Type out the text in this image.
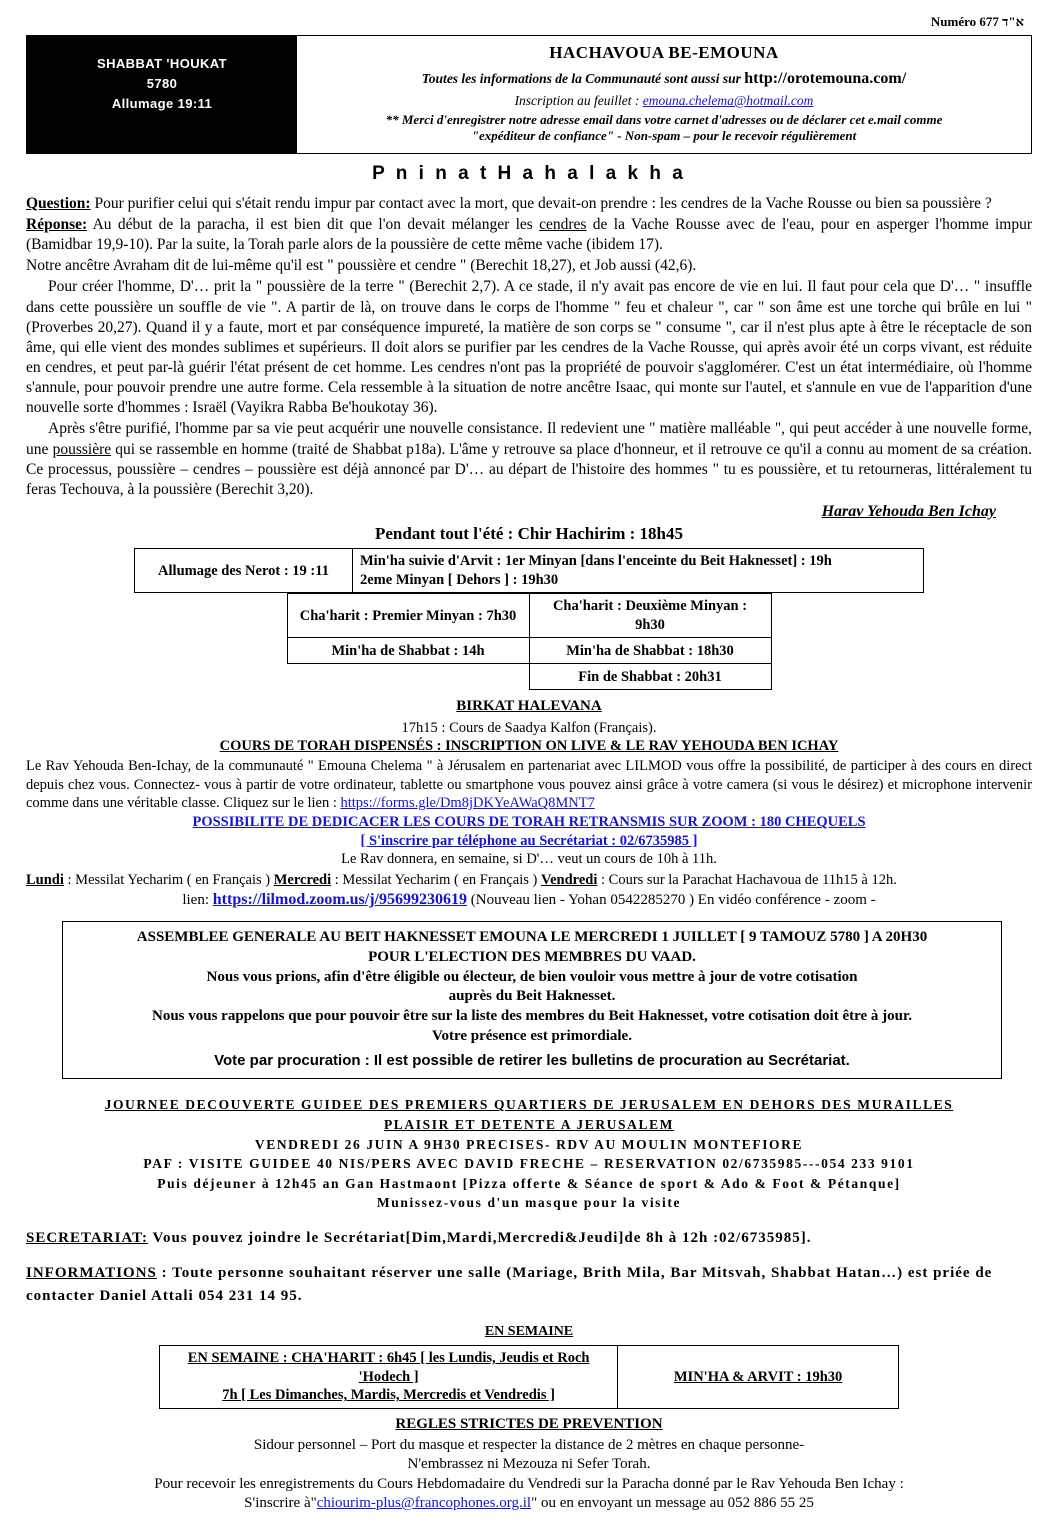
Numéro 677 א"ד
SHABBAT 'HOUKAT
5780
Allumage 19:11
HACHAVOUA BE-EMOUNA
Toutes les informations de la Communauté sont aussi sur http://orotemouna.com/
Inscription au feuillet : emouna.chelema@hotmail.com
** Merci d'enregistrer notre adresse email dans votre carnet d'adresses ou de déclarer cet e.mail comme
"expéditeur de confiance" - Non-spam – pour le recevoir régulièrement
P n i n a t H a h a l a k h a

Question: Pour purifier celui qui s'était rendu impur par contact avec la mort, que devait-on prendre : les cendres de la Vache Rousse ou bien sa poussière ?

Réponse: Au début de la paracha, il est bien dit que l'on devait mélanger les cendres de la Vache Rousse avec de l'eau, pour en asperger l'homme impur (Bamidbar 19,9-10). Par la suite, la Torah parle alors de la poussière de cette même vache (ibidem 17).

Notre ancêtre Avraham dit de lui-même qu'il est " poussière et cendre " (Berechit 18,27), et Job aussi (42,6).

Pour créer l'homme, D'… prit la " poussière de la terre " (Berechit 2,7). A ce stade, il n'y avait pas encore de vie en lui. Il faut pour cela que D'… " insuffle dans cette poussière un souffle de vie ". A partir de là, on trouve dans le corps de l'homme " feu et chaleur ", car " son âme est une torche qui brûle en lui " (Proverbes 20,27). Quand il y a faute, mort et par conséquence impureté, la matière de son corps se " consume ", car il n'est plus apte à être le réceptacle de son âme, qui elle vient des mondes sublimes et supérieurs. Il doit alors se purifier par les cendres de la Vache Rousse, qui après avoir été un corps vivant, est réduite en cendres, et peut par-là guérir l'état présent de cet homme. Les cendres n'ont pas la propriété de pouvoir s'agglomérer. C'est un état intermédiaire, où l'homme s'annule, pour pouvoir prendre une autre forme. Cela ressemble à la situation de notre ancêtre Isaac, qui monte sur l'autel, et s'annule en vue de l'apparition d'une nouvelle sorte d'hommes : Israël (Vayikra Rabba Be'houkotay 36).

Après s'être purifié, l'homme par sa vie peut acquérir une nouvelle consistance. Il redevient une " matière malléable ", qui peut accéder à une nouvelle forme, une poussière qui se rassemble en homme (traité de Shabbat p18a). L'âme y retrouve sa place d'honneur, et il retrouve ce qu'il a connu au moment de sa création. Ce processus, poussière – cendres – poussière est déjà annoncé par D'… au départ de l'histoire des hommes " tu es poussière, et tu retourneras, littéralement tu feras Techouva, à la poussière (Berechit 3,20).

Harav Yehouda Ben Ichay
Pendant tout l'été : Chir Hachirim : 18h45
Allumage des Nerot : 19 :11	
Min'ha suivie d'Arvit : 1er Minyan [dans l'enceinte du Beit Haknesset] : 19h
2eme Minyan [ Dehors ] : 19h30
Cha'harit : Premier Minyan : 7h30	Cha'harit : Deuxième Minyan : 9h30
Min'ha de Shabbat : 14h	Min'ha de Shabbat : 18h30
	Fin de Shabbat : 20h31
BIRKAT HALEVANA
17h15 : Cours de Saadya Kalfon (Français).
COURS DE TORAH DISPENSÉS : INSCRIPTION ON LIVE & LE RAV YEHOUDA BEN ICHAY
Le Rav Yehouda Ben-Ichay, de la communauté " Emouna Chelema " à Jérusalem en partenariat avec LILMOD vous offre la possibilité, de participer à des cours en direct depuis chez vous. Connectez- vous à partir de votre ordinateur, tablette ou smartphone vous pouvez ainsi grâce à votre camera (si vous le désirez) et microphone intervenir comme dans une véritable classe. Cliquez sur le lien : https://forms.gle/Dm8jDKYeAWaQ8MNT7
POSSIBILITE DE DEDICACER LES COURS DE TORAH RETRANSMIS SUR ZOOM : 180 CHEQUELS
[ S'inscrire par téléphone au Secrétariat : 02/6735985 ]
Le Rav donnera, en semaine, si D'… veut un cours de 10h à 11h.
Lundi : Messilat Yecharim ( en Français ) Mercredi : Messilat Yecharim ( en Français ) Vendredi : Cours sur la Parachat Hachavoua de 11h15 à 12h.
lien: https://lilmod.zoom.us/j/95699230619 (Nouveau lien - Yohan 0542285270 ) En vidéo conférence - zoom -
ASSEMBLEE GENERALE AU BEIT HAKNESSET EMOUNA LE MERCREDI 1 JUILLET [ 9 TAMOUZ 5780 ] A 20H30
POUR L'ELECTION DES MEMBRES DU VAAD.
Nous vous prions, afin d'être éligible ou électeur, de bien vouloir vous mettre à jour de votre cotisation
auprès du Beit Haknesset.
Nous vous rappelons que pour pouvoir être sur la liste des membres du Beit Haknesset, votre cotisation doit être à jour.
Votre présence est primordiale.
Vote par procuration : Il est possible de retirer les bulletins de procuration au Secrétariat.
JOURNEE DECOUVERTE GUIDEE DES PREMIERS QUARTIERS DE JERUSALEM EN DEHORS DES MURAILLES
PLAISIR ET DETENTE A JERUSALEM
VENDREDI 26 JUIN A 9H30 PRECISES- RDV AU MOULIN MONTEFIORE
PAF : VISITE GUIDEE 40 NIS/PERS AVEC DAVID FRECHE – RESERVATION 02/6735985---054 233 9101
Puis déjeuner à 12h45 an Gan Hastmaont [Pizza offerte & Séance de sport & Ado & Foot & Pétanque]
Munissez-vous d'un masque pour la visite
SECRETARIAT: Vous pouvez joindre le Secrétariat[Dim,Mardi,Mercredi&Jeudi]de 8h à 12h :02/6735985].
INFORMATIONS : Toute personne souhaitant réserver une salle (Mariage, Brith Mila, Bar Mitsvah, Shabbat Hatan…) est priée de contacter Daniel Attali 054 231 14 95.
EN SEMAINE
EN SEMAINE : CHA'HARIT : 6h45 [ les Lundis, Jeudis et Roch 'Hodech ]
7h [ Les Dimanches, Mardis, Mercredis et Vendredis ]
	MIN'HA & ARVIT : 19h30
REGLES STRICTES DE PREVENTION
Sidour personnel – Port du masque et respecter la distance de 2 mètres en chaque personne-
N'embrassez ni Mezouza ni Sefer Torah.
Pour recevoir les enregistrements du Cours Hebdomadaire du Vendredi sur la Paracha donné par le Rav Yehouda Ben Ichay :
S'inscrire à"chiourim-plus@francophones.org.il" ou en envoyant un message au 052 886 55 25
